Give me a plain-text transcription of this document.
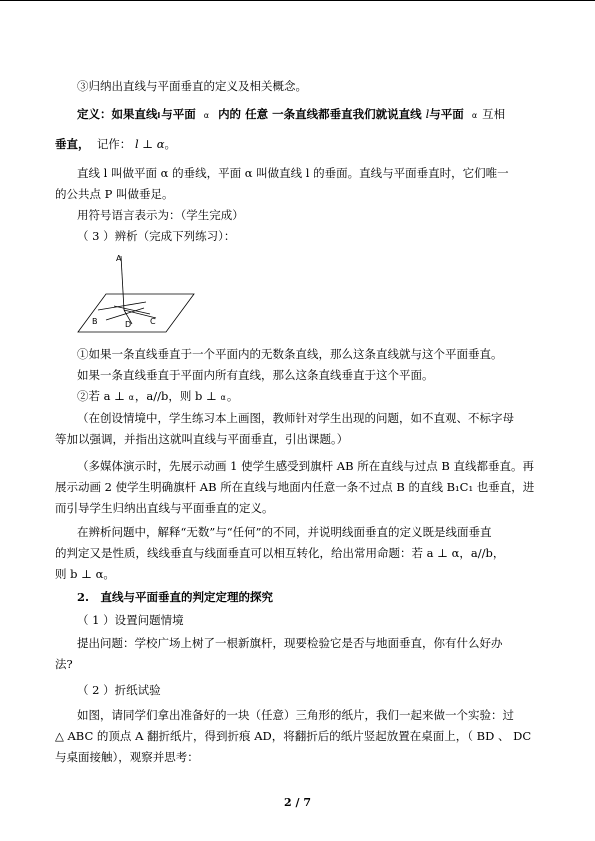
③归纳出直线与平面垂直的定义及相关概念。
定义：如果直线l与平面 α 内的 任意 一条直线都垂直我们就说直线 l与平面 α 互相
垂直， 记作： l ⊥ α。
直线 l 叫做平面 α 的垂线，平面 α 叫做直线 l 的垂面。直线与平面垂直时，它们唯一
的公共点 P 叫做垂足。
用符号语言表示为：（学生完成）
（ 3 ）辨析（完成下列练习）：
A
B	C
D
①如果一条直线垂直于一个平面内的无数条直线，那么这条直线就与这个平面垂直。
如果一条直线垂直于平面内所有直线，那么这条直线垂直于这个平面。
②若 a ⊥ α，a//b，则 b ⊥ α。
（在创设情境中，学生练习本上画图，教师针对学生出现的问题，如不直观、不标字母
等加以强调，并指出这就叫直线与平面垂直，引出课题。）
（多媒体演示时，先展示动画 1 使学生感受到旗杆 AB 所在直线与过点 B 直线都垂直。再
展示动画 2 使学生明确旗杆 AB 所在直线与地面内任意一条不过点 B 的直线 B₁C₁ 也垂直，进
而引导学生归纳出直线与平面垂直的定义。
在辨析问题中，解释“无数”与“任何”的不同，并说明线面垂直的定义既是线面垂直
的判定又是性质，线线垂直与线面垂直可以相互转化，给出常用命题：若 a ⊥ α，a//b，
则 b ⊥ α。
2.　直线与平面垂直的判定定理的探究
（ 1 ）设置问题情境
提出问题：学校广场上树了一根新旗杆，现要检验它是否与地面垂直，你有什么好办
法?
（ 2 ）折纸试验
如图，请同学们拿出准备好的一块（任意）三角形的纸片，我们一起来做一个实验：过
△ ABC 的顶点 A 翻折纸片，得到折痕 AD，将翻折后的纸片竖起放置在桌面上，（ BD 、 DC
与桌面接触），观察并思考：
2 / 7
